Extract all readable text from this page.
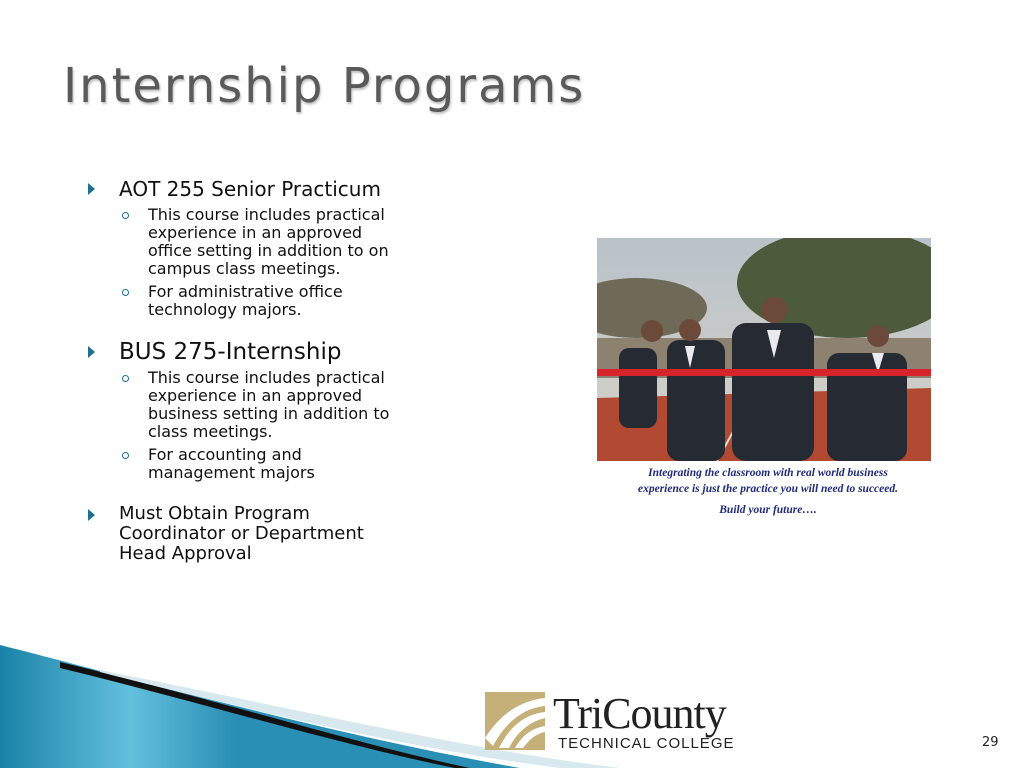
Internship Programs
AOT 255 Senior Practicum
This course includes practical experience in an approved office setting in addition to on campus class meetings.
For administrative office technology majors.
BUS 275-Internship
This course includes practical experience in an approved business setting in addition to class meetings.
For accounting and management majors
Must Obtain Program Coordinator or Department Head Approval
Integrating the classroom with real world business experience is just the practice you will need to succeed.
Build your future….
TriCounty
TECHNICAL COLLEGE	29
